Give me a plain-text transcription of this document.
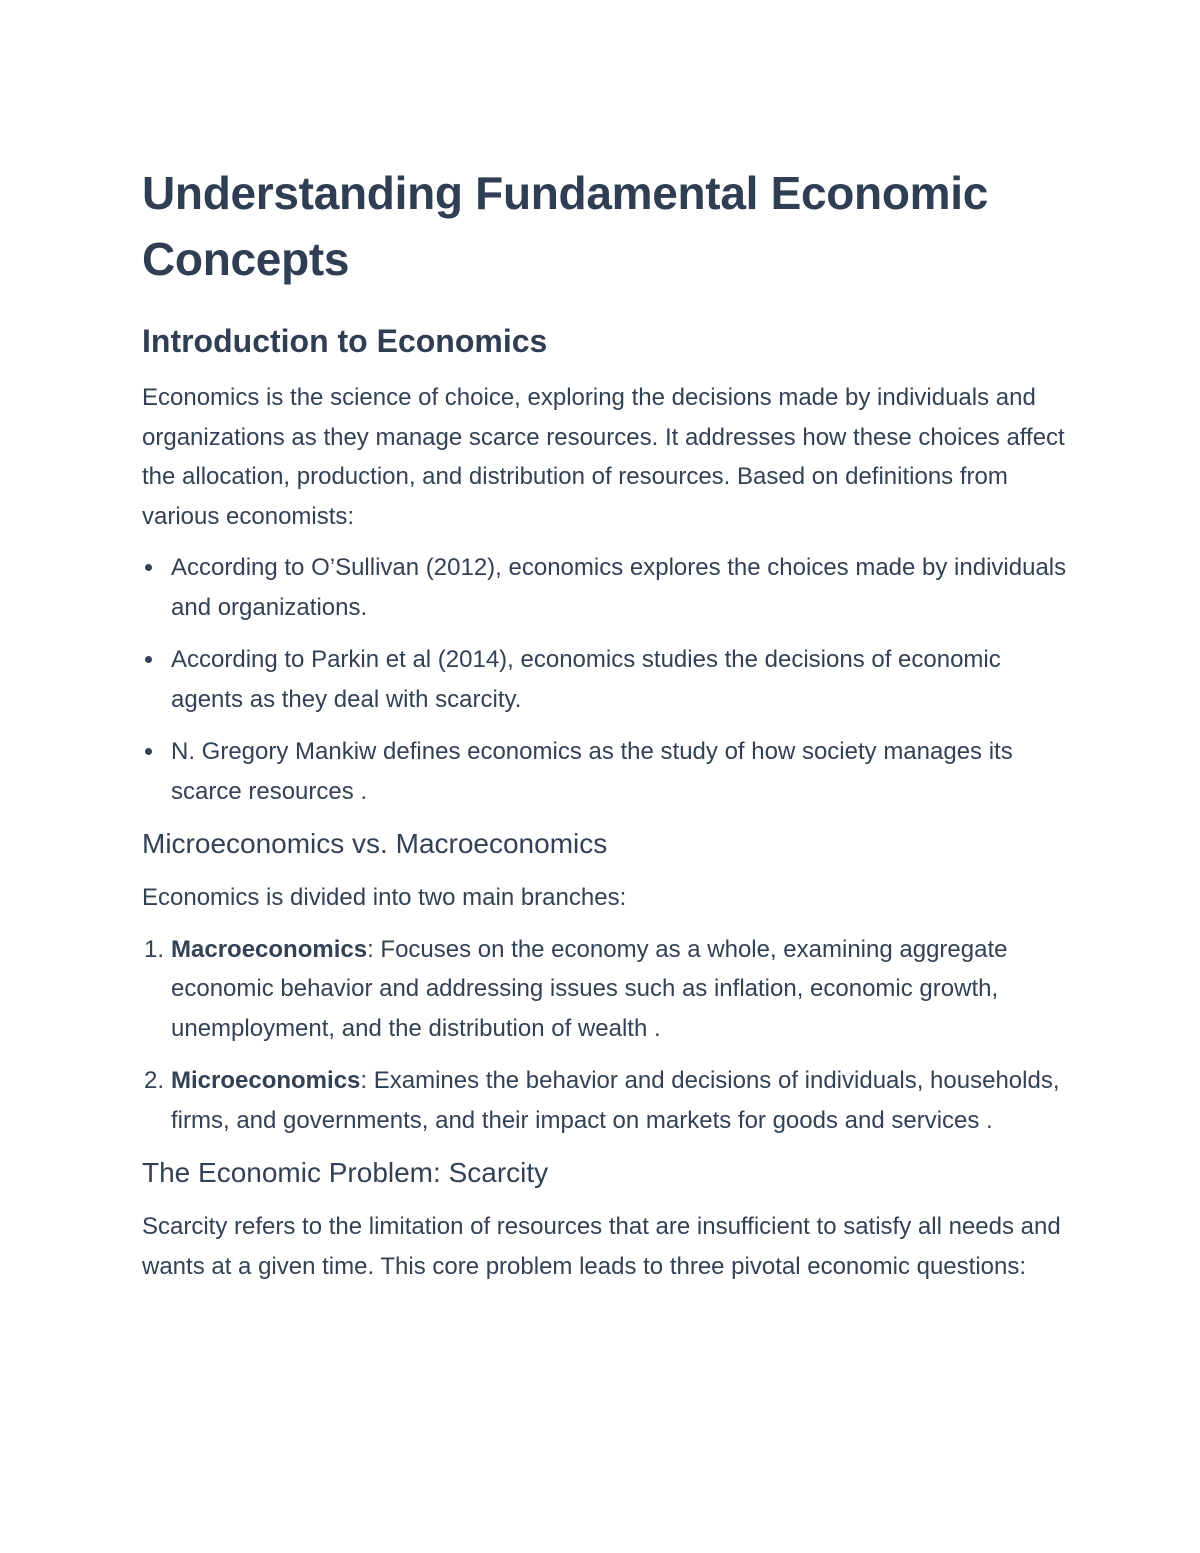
Understanding Fundamental Economic Concepts
Introduction to Economics

Economics is the science of choice, exploring the decisions made by individuals and organizations as they manage scarce resources. It addresses how these choices affect the allocation, production, and distribution of resources. Based on definitions from various economists:

According to O’Sullivan (2012), economics explores the choices made by individuals and organizations.
According to Parkin et al (2014), economics studies the decisions of economic agents as they deal with scarcity.
N. Gregory Mankiw defines economics as the study of how society manages its scarce resources .
Microeconomics vs. Macroeconomics

Economics is divided into two main branches:

1. Macroeconomics: Focuses on the economy as a whole, examining aggregate economic behavior and addressing issues such as inflation, economic growth, unemployment, and the distribution of wealth .
2. Microeconomics: Examines the behavior and decisions of individuals, households, firms, and governments, and their impact on markets for goods and services .
The Economic Problem: Scarcity

Scarcity refers to the limitation of resources that are insufficient to satisfy all needs and wants at a given time. This core problem leads to three pivotal economic questions:
